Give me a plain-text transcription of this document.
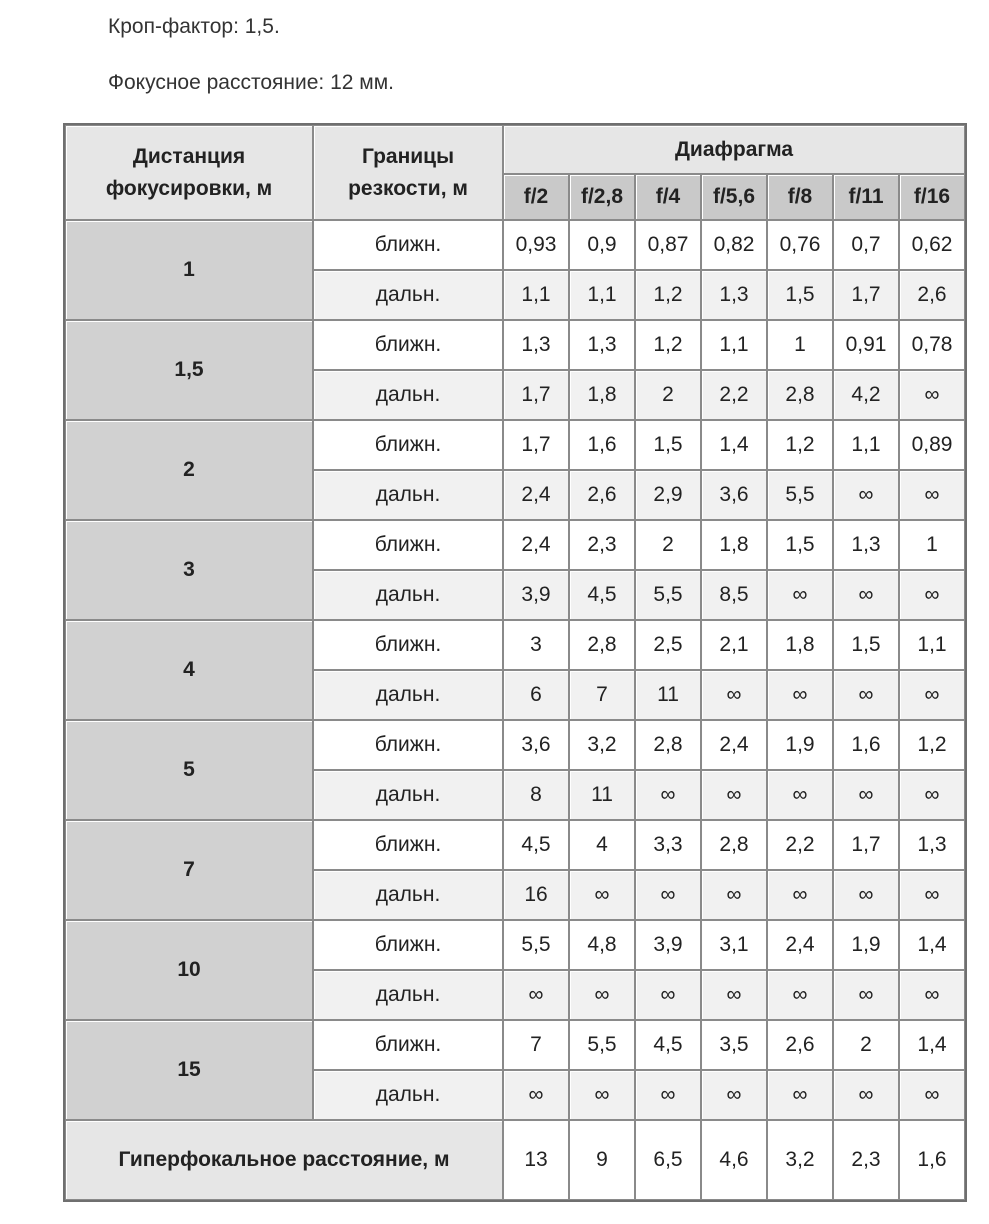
Кроп-фактор: 1,5.

Фокусное расстояние: 12 мм.

Дистанция фокусировки, м	Границы резкости, м	Диафрагма						
		f/2	f/2,8	f/4	f/5,6	f/8	f/11	f/16
1	ближн.	0,93	0,9	0,87	0,82	0,76	0,7	0,62
	дальн.	1,1	1,1	1,2	1,3	1,5	1,7	2,6
1,5	ближн.	1,3	1,3	1,2	1,1	1	0,91	0,78
	дальн.	1,7	1,8	2	2,2	2,8	4,2	∞
2	ближн.	1,7	1,6	1,5	1,4	1,2	1,1	0,89
	дальн.	2,4	2,6	2,9	3,6	5,5	∞	∞
3	ближн.	2,4	2,3	2	1,8	1,5	1,3	1
	дальн.	3,9	4,5	5,5	8,5	∞	∞	∞
4	ближн.	3	2,8	2,5	2,1	1,8	1,5	1,1
	дальн.	6	7	11	∞	∞	∞	∞
5	ближн.	3,6	3,2	2,8	2,4	1,9	1,6	1,2
	дальн.	8	11	∞	∞	∞	∞	∞
7	ближн.	4,5	4	3,3	2,8	2,2	1,7	1,3
	дальн.	16	∞	∞	∞	∞	∞	∞
10	ближн.	5,5	4,8	3,9	3,1	2,4	1,9	1,4
	дальн.	∞	∞	∞	∞	∞	∞	∞
15	ближн.	7	5,5	4,5	3,5	2,6	2	1,4
	дальн.	∞	∞	∞	∞	∞	∞	∞
Гиперфокальное расстояние, м		13	9	6,5	4,6	3,2	2,3	1,6
